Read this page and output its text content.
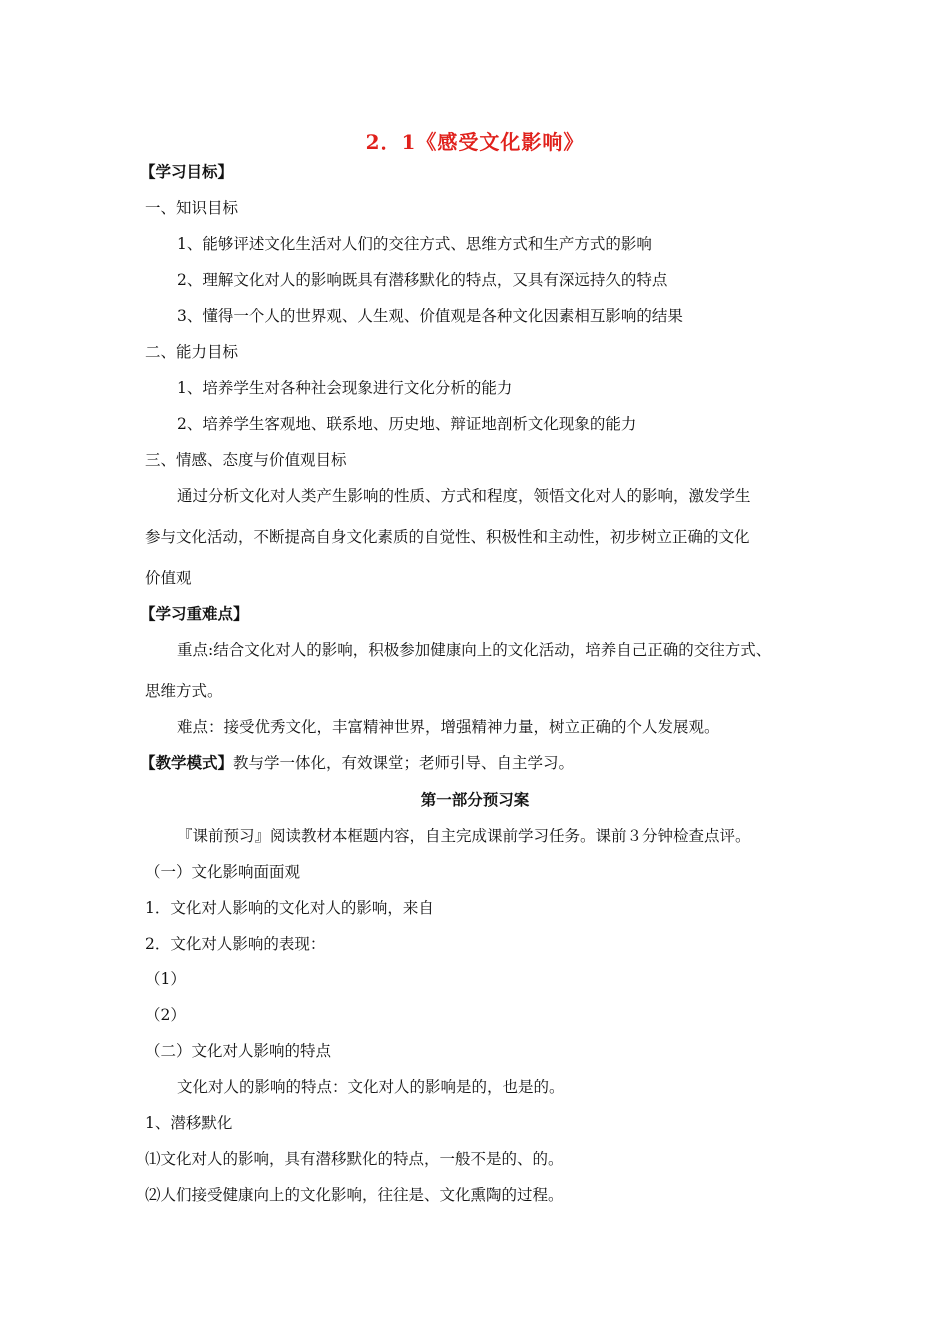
2．1《感受文化影响》
【学习目标】
一、知识目标
1、能够评述文化生活对人们的交往方式、思维方式和生产方式的影响
2、理解文化对人的影响既具有潜移默化的特点，又具有深远持久的特点
3、懂得一个人的世界观、人生观、价值观是各种文化因素相互影响的结果
二、能力目标
1、培养学生对各种社会现象进行文化分析的能力
2、培养学生客观地、联系地、历史地、辩证地剖析文化现象的能力
三、情感、态度与价值观目标
通过分析文化对人类产生影响的性质、方式和程度，领悟文化对人的影响，激发学生
参与文化活动，不断提高自身文化素质的自觉性、积极性和主动性，初步树立正确的文化
价值观
【学习重难点】
重点:结合文化对人的影响，积极参加健康向上的文化活动，培养自己正确的交往方式、
思维方式。
难点：接受优秀文化，丰富精神世界，增强精神力量，树立正确的个人发展观。
【教学模式】教与学一体化，有效课堂；老师引导、自主学习。
第一部分预习案
『课前预习』阅读教材本框题内容，自主完成课前学习任务。课前３分钟检查点评。
（一）文化影响面面观
1．文化对人影响的文化对人的影响，来自
2．文化对人影响的表现：
（1）
（2）
（二）文化对人影响的特点
文化对人的影响的特点：文化对人的影响是的，也是的。
1、潜移默化
⑴文化对人的影响，具有潜移默化的特点，一般不是的、的。
⑵人们接受健康向上的文化影响，往往是、文化熏陶的过程。
